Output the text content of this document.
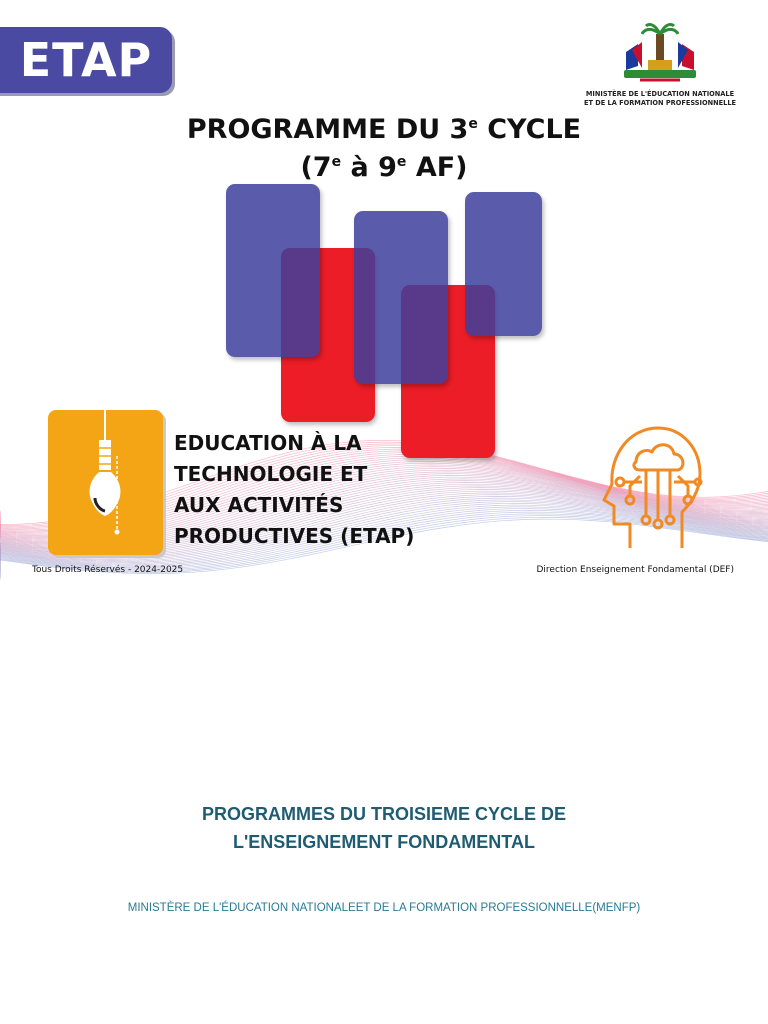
ETAP
MINISTÈRE DE L'ÉDUCATION NATIONALE
ET DE LA FORMATION PROFESSIONNELLE
PROGRAMME DU 3e CYCLE
(7e à 9e AF)
EDUCATION À LA
TECHNOLOGIE ET
AUX ACTIVITÉS
PRODUCTIVES (ETAP)
Tous Droits Réservés - 2024-2025	Direction Enseignement Fondamental (DEF)
PROGRAMMES DU TROISIEME CYCLE DE
L'ENSEIGNEMENT FONDAMENTAL
MINISTÈRE DE L'ÉDUCATION NATIONALEET DE LA FORMATION PROFESSIONNELLE(MENFP)
